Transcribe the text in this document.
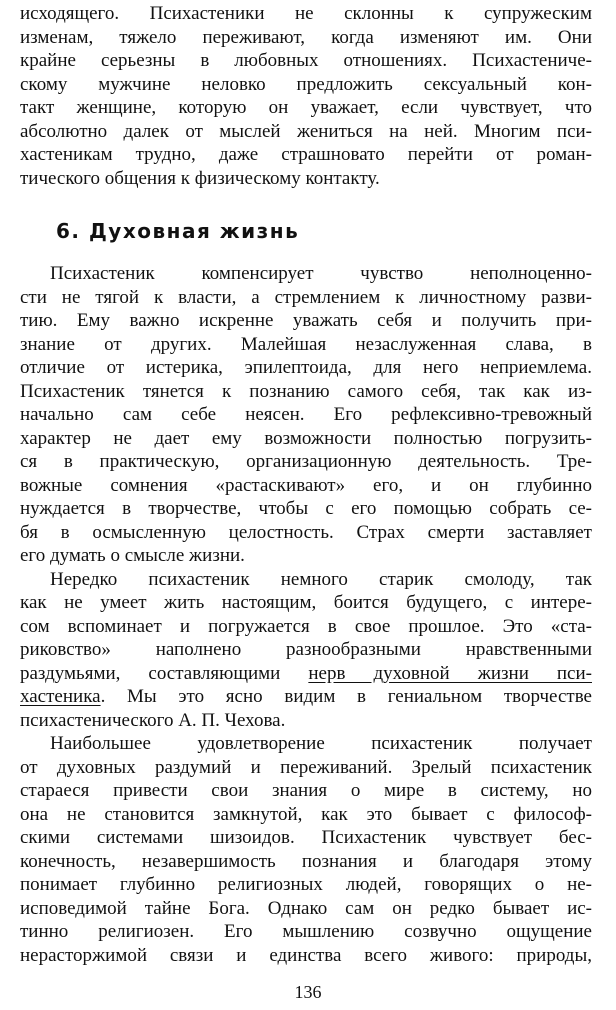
исходящего. Психастеники не склонны к супружеским
изменам, тяжело переживают, когда изменяют им. Они
крайне серьезны в любовных отношениях. Психастениче-
скому мужчине неловко предложить сексуальный кон-
такт женщине, которую он уважает, если чувствует, что
абсолютно далек от мыслей жениться на ней. Многим пси-
хастеникам трудно, даже страшновато перейти от роман-
тического общения к физическому контакту.
6. Духовная жизнь
Психастеник компенсирует чувство неполноценно-
сти не тягой к власти, а стремлением к личностному разви-
тию. Ему важно искренне уважать себя и получить при-
знание от других. Малейшая незаслуженная слава, в
отличие от истерика, эпилептоида, для него неприемлема.
Психастеник тянется к познанию самого себя, так как из-
начально сам себе неясен. Его рефлексивно-тревожный
характер не дает ему возможности полностью погрузить-
ся в практическую, организационную деятельность. Тре-
вожные сомнения «растаскивают» его, и он глубинно
нуждается в творчестве, чтобы с его помощью собрать се-
бя в осмысленную целостность. Страх смерти заставляет
его думать о смысле жизни.
Нередко психастеник немного старик смолоду, так
как не умеет жить настоящим, боится будущего, с интере-
сом вспоминает и погружается в свое прошлое. Это «ста-
риковство» наполнено разнообразными нравственными
раздумьями, составляющими нерв духовной жизни пси-
хастеника. Мы это ясно видим в гениальном творчестве
психастенического А. П. Чехова.
Наибольшее удовлетворение психастеник получает
от духовных раздумий и переживаний. Зрелый психастеник
стараеся привести свои знания о мире в систему, но
она не становится замкнутой, как это бывает с философ-
скими системами шизоидов. Психастеник чувствует бес-
конечность, незавершимость познания и благодаря этому
понимает глубинно религиозных людей, говорящих о не-
исповедимой тайне Бога. Однако сам он редко бывает ис-
тинно религиозен. Его мышлению созвучно ощущение
нерасторжимой связи и единства всего живого: природы,
136
